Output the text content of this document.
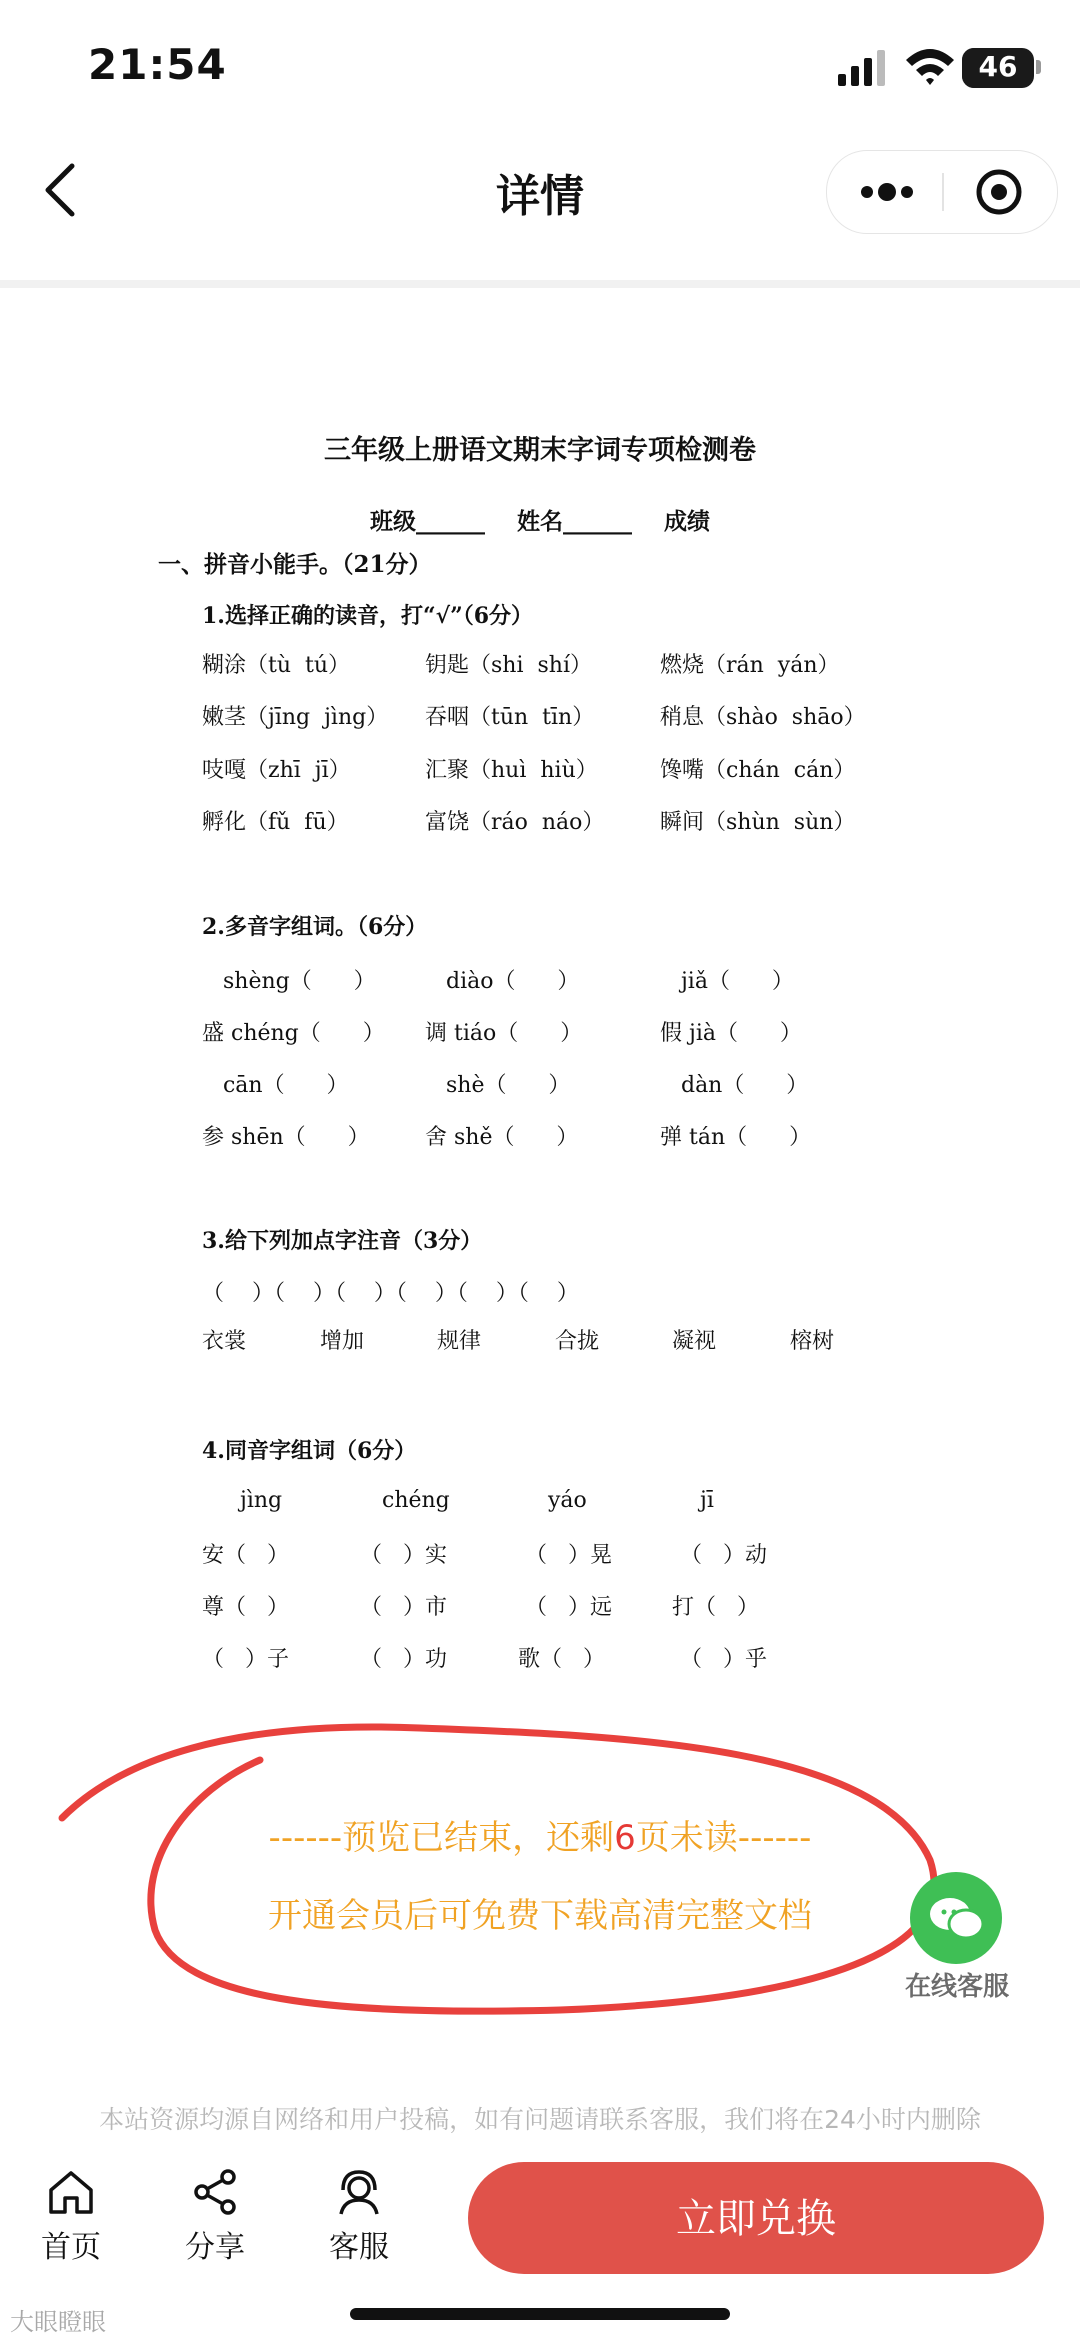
21:54	46
详情
三年级上册语文期末字词专项检测卷
班级______    姓名______    成绩
一、拼音小能手。（21分）
1.选择正确的读音，打“√”（6分）
糊涂（tù  tú）	钥匙（shi  shí）	燃烧（rán  yán）
嫩茎（jīng  jìng） 吞咽（tūn  tīn）	稍息（shào  shāo）
吱嘎（zhī  jī）	汇聚（huì  hiù）	馋嘴（chán  cán）
孵化（fǔ  fū）	富饶（ráo  náo）	瞬间（shùn  sùn）
2.多音字组词。（6分）
shèng（      ） diào（      ）	jiǎ（      ）
盛 chéng（      ） 调 tiáo（      ）	假 jià（      ）
cān（      ）	shè（      ）	dàn（      ）
参 shēn（      ）	舍 shě（      ）	弹 tán（      ）
3.给下列加点字注音（3分）
（    ）（    ）（    ）（    ）（    ）（    ）
衣裳	增加	规律	合拢	凝视	榕树
4.同音字组词（6分）
jìng	chéng	yáo	jī
安（   ）	（   ）实	（   ）晃	（   ）动
尊（   ）	（   ）市	（   ）远	打（   ）
（   ）子	（   ）功	歌（   ）	（   ）乎
------预览已结束，还剩6页未读------
开通会员后可免费下载高清完整文档
在线客服
本站资源均源自网络和用户投稿，如有问题请联系客服，我们将在24小时内删除
首页	分享	客服
立即兑换
大眼瞪眼
